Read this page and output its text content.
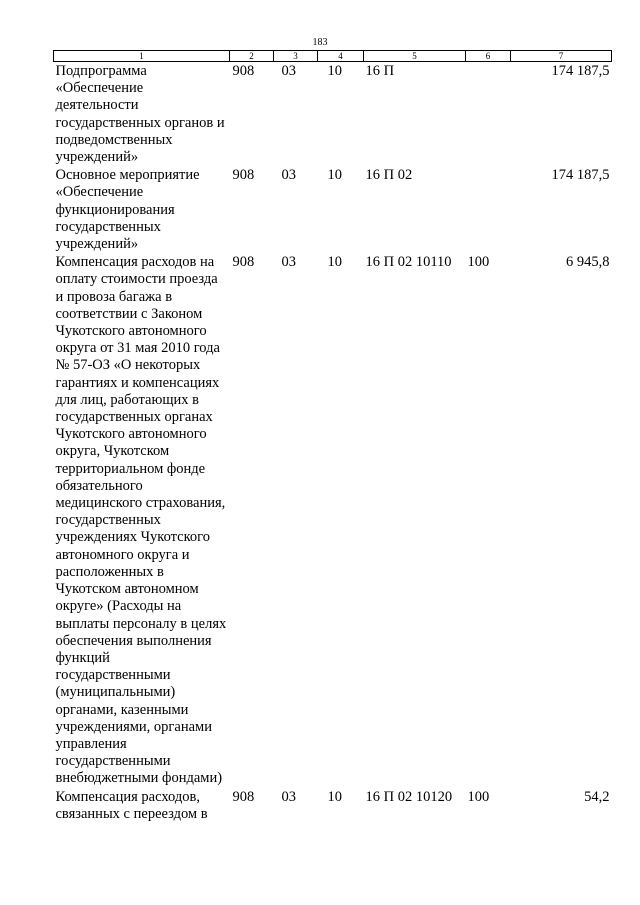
183
1	2	3	4	5	6	7
Подпрограмма «Обеспечение деятельности государственных органов и подведомственных учреждений»	908	03	10	16 П		174 187,5
Основное мероприятие «Обеспечение функционирования государственных учреждений»	908	03	10	16 П 02		174 187,5
Компенсация расходов на оплату стоимости проезда и провоза багажа в соответствии с Законом Чукотского автономного округа от 31 мая 2010 года № 57-ОЗ «О некоторых гарантиях и компенсациях для лиц, работающих в государственных органах Чукотского автономного округа, Чукотском территориальном фонде обязательного медицинского страхования, государственных учреждениях Чукотского автономного округа и расположенных в Чукотском автономном округе» (Расходы на выплаты персоналу в целях обеспечения выполнения функций государственными (муниципальными) органами, казенными учреждениями, органами управления государственными внебюджетными фондами)	908	03	10	16 П 02 10110	100	6 945,8
Компенсация расходов, связанных с переездом в	908	03	10	16 П 02 10120	100	54,2
